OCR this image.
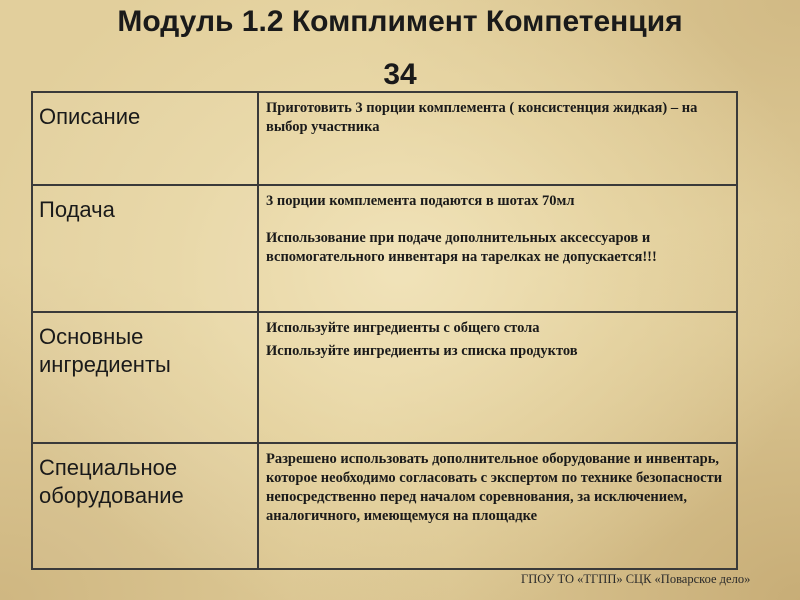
Модуль 1.2 Комплимент Компетенция
34
Описание	Приготовить 3 порции комплемента ( консистенция жидкая) – на выбор участника

Подача	3 порции комплемента подаются в шотах 70мл
Использование при подаче дополнительных аксессуаров и вспомогательного инвентаря на тарелках не допускается!!!

Основные ингредиенты	Используйте ингредиенты с общего стола
Используйте ингредиенты из списка продуктов

Специальное оборудование	Разрешено использовать дополнительное оборудование и инвентарь, которое необходимо согласовать с экспертом по технике безопасности непосредственно перед началом соревнования, за исключением, аналогичного, имеющемуся на площадке
ГПОУ ТО «ТГПП» СЦК «Поварское дело»
